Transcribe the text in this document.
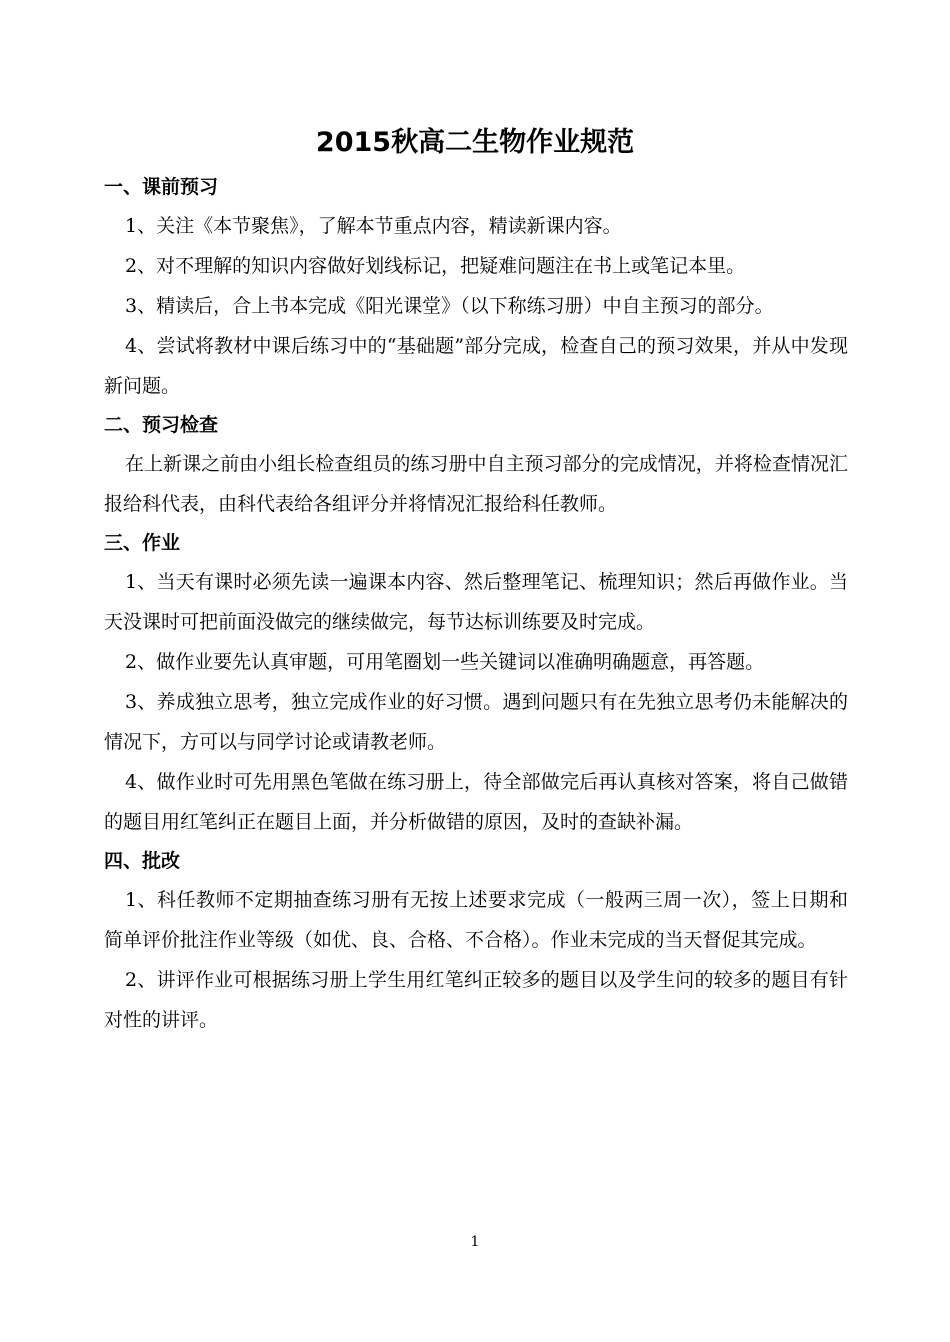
2015秋高二生物作业规范
一、课前预习

1、关注《本节聚焦》，了解本节重点内容，精读新课内容。

2、对不理解的知识内容做好划线标记，把疑难问题注在书上或笔记本里。

3、精读后，合上书本完成《阳光课堂》（以下称练习册）中自主预习的部分。

4、尝试将教材中课后练习中的“基础题”部分完成，检查自己的预习效果，并从中发现新问题。

二、预习检查

在上新课之前由小组长检查组员的练习册中自主预习部分的完成情况，并将检查情况汇报给科代表，由科代表给各组评分并将情况汇报给科任教师。

三、作业

1、当天有课时必须先读一遍课本内容、然后整理笔记、梳理知识；然后再做作业。当天没课时可把前面没做完的继续做完，每节达标训练要及时完成。

2、做作业要先认真审题，可用笔圈划一些关键词以准确明确题意，再答题。

3、养成独立思考，独立完成作业的好习惯。遇到问题只有在先独立思考仍未能解决的情况下，方可以与同学讨论或请教老师。

4、做作业时可先用黑色笔做在练习册上，待全部做完后再认真核对答案，将自己做错的题目用红笔纠正在题目上面，并分析做错的原因，及时的查缺补漏。

四、批改

1、科任教师不定期抽查练习册有无按上述要求完成（一般两三周一次），签上日期和简单评价批注作业等级（如优、良、合格、不合格）。作业未完成的当天督促其完成。

2、讲评作业可根据练习册上学生用红笔纠正较多的题目以及学生问的较多的题目有针对性的讲评。

1
